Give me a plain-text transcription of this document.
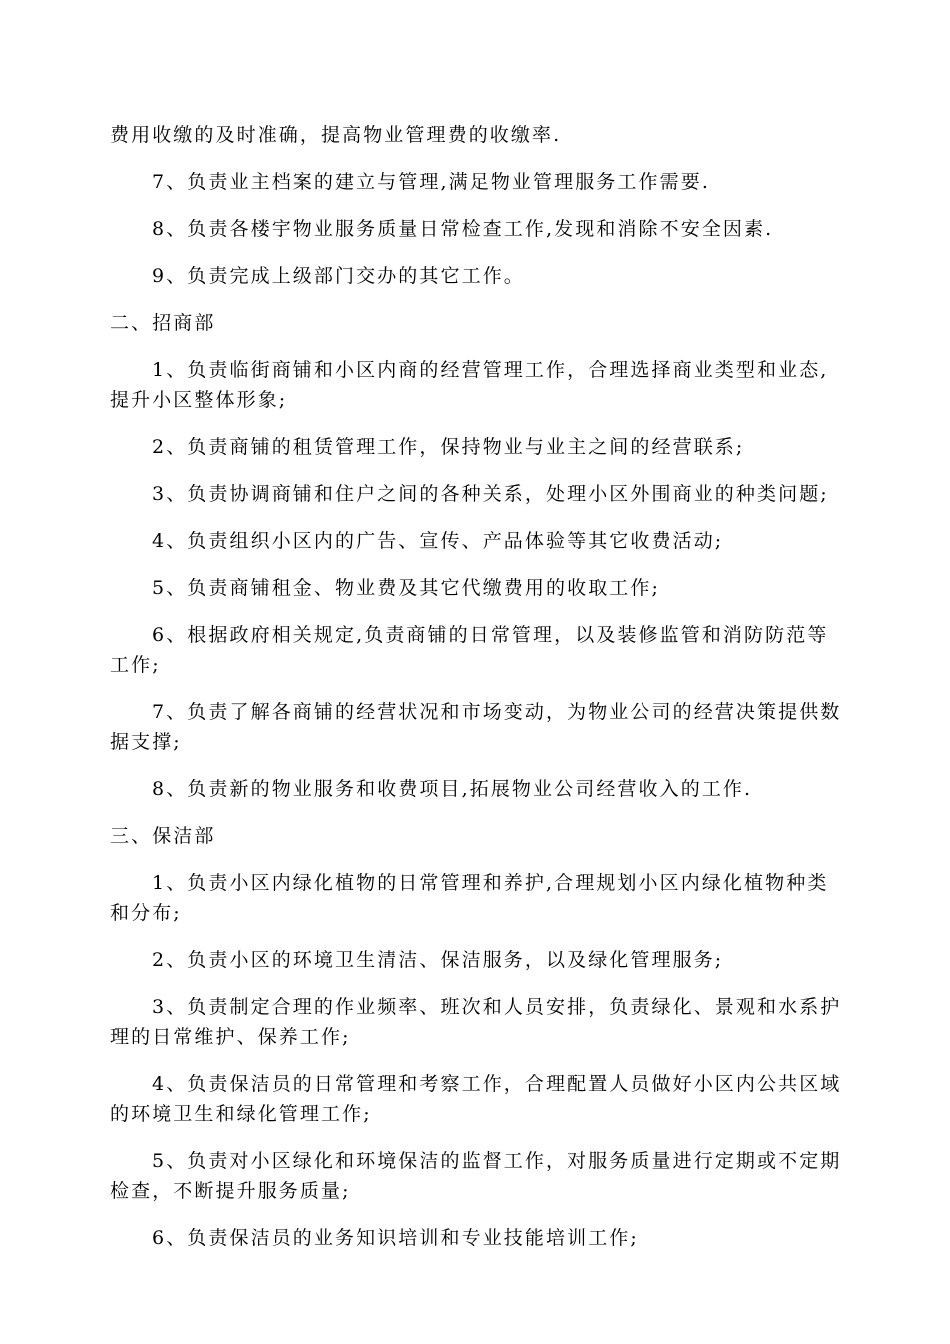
费用收缴的及时准确，提高物业管理费的收缴率.

7、负责业主档案的建立与管理,满足物业管理服务工作需要.

8、负责各楼宇物业服务质量日常检查工作,发现和消除不安全因素.

9、负责完成上级部门交办的其它工作。

二、招商部

1、负责临街商铺和小区内商的经营管理工作，合理选择商业类型和业态,提升小区整体形象;

2、负责商铺的租赁管理工作，保持物业与业主之间的经营联系;

3、负责协调商铺和住户之间的各种关系，处理小区外围商业的种类问题;

4、负责组织小区内的广告、宣传、产品体验等其它收费活动;

5、负责商铺租金、物业费及其它代缴费用的收取工作;

6、根据政府相关规定,负责商铺的日常管理，以及装修监管和消防防范等工作;

7、负责了解各商铺的经营状况和市场变动，为物业公司的经营决策提供数据支撑;

8、负责新的物业服务和收费项目,拓展物业公司经营收入的工作.

三、保洁部

1、负责小区内绿化植物的日常管理和养护,合理规划小区内绿化植物种类和分布;

2、负责小区的环境卫生清洁、保洁服务，以及绿化管理服务;

3、负责制定合理的作业频率、班次和人员安排，负责绿化、景观和水系护理的日常维护、保养工作;

4、负责保洁员的日常管理和考察工作，合理配置人员做好小区内公共区域的环境卫生和绿化管理工作;

5、负责对小区绿化和环境保洁的监督工作，对服务质量进行定期或不定期检查，不断提升服务质量;

6、负责保洁员的业务知识培训和专业技能培训工作;
